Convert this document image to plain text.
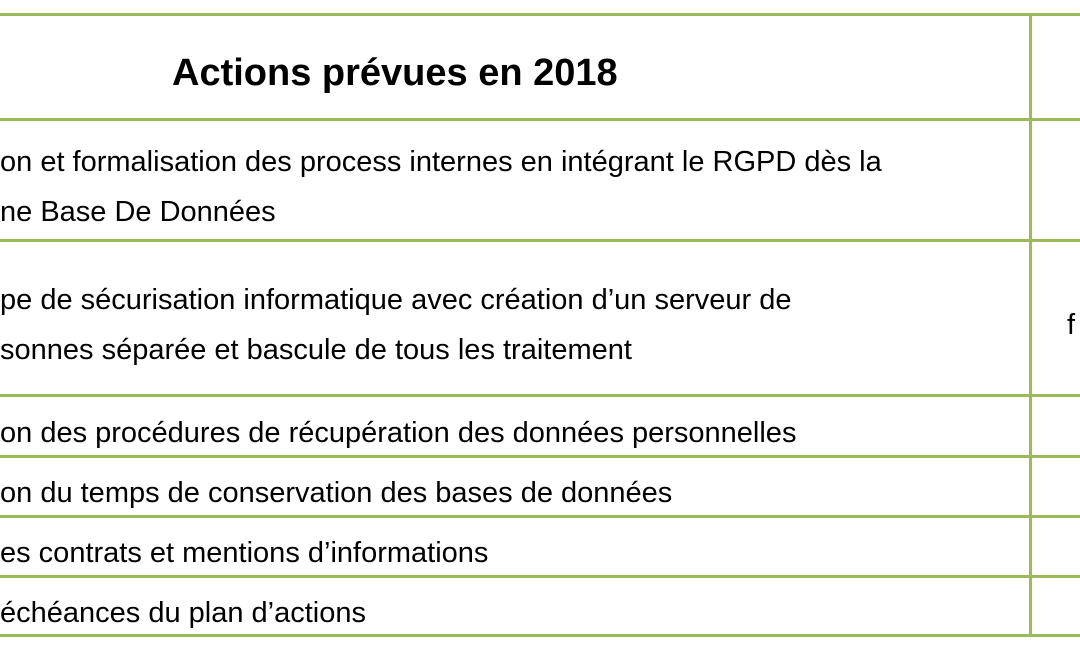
Actions prévues en 2018
on et formalisation des process internes en intégrant le RGPD dès la
ne Base De Données
pe de sécurisation informatique avec création d’un serveur de
sonnes séparée et bascule de tous les traitement
f
on des procédures de récupération des données personnelles
on du temps de conservation des bases de données
es contrats et mentions d’informations
échéances du plan d’actions
